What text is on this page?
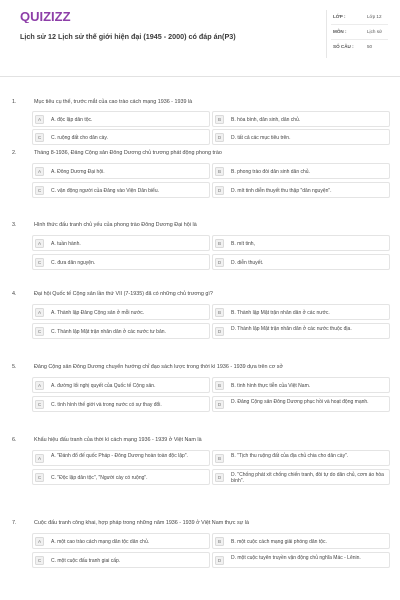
QUIZIZZ
Lịch sử 12 Lịch sử thế giới hiện đại (1945 - 2000) có đáp án(P3)
LỚP :	Lớp 12
MÔN :	Lịch sử
SỐ CÂU :	50
1.	Mục tiêu cụ thể, trước mắt của cao trào cách mạng 1936 - 1939 là
A	A. độc lập dân tộc.	B	B. hòa bình, dân sinh, dân chủ.
C	C. ruộng đất cho dân cày.	D	D. tất cả các mục tiêu trên.
2.	Tháng 8-1936, Đảng Cộng sản Đông Dương chủ trương phát động phong trào
A	A. Đông Dương Đại hội.	B	B. phong trào đòi dân sinh dân chủ.
C	C. vận động người của Đảng vào Viện Dân biểu.	D	D. mít tinh diễn thuyết thu thập "dân nguyện".
3.	Hình thức đấu tranh chủ yếu của phong trào Đông Dương Đại hội là
A	A. tuần hành.	B	B. mít tinh,
C	C. đưa dân nguyện.	D	D. diễn thuyết.
4.	Đại hội Quốc tế Cộng sản lần thứ VII (7-1935) đã có những chủ trương gì?
A	A. Thành lập Đảng Cộng sản ở mỗi nước.	B	B. Thành lập Mặt trận nhân dân ở các nước.
C	C. Thành lập Mặt trận nhân dân ở các nước tư bản.	D	D. Thành lập Mặt trận nhân dân ở các nước thuộc địa.
5.	Đảng Cộng sản Đông Dương chuyển hướng chỉ đạo sách lược trong thời kì 1936 - 1939 dựa trên cơ sở
A	A. đường lối nghị quyết của Quốc tế Cộng sản.	B	B. tình hình thực tiễn của Việt Nam.
C	C. tình hình thế giới và trong nước có sự thay đổi.	D	D. Đảng Cộng sản Đông Dương phục hồi và hoạt động mạnh.
6.	Khẩu hiệu đấu tranh của thời kì cách mạng 1936 - 1939 ở Việt Nam là
A	A. "Đánh đổ đế quốc Pháp - Đông Dương hoàn toàn độc lập".	B	B. "Tịch thu ruộng đất của địa chủ chia cho dân cày".
C	C. "Độc lập dân tộc", "Người cày có ruộng".	D	D. "Chống phát xít chống chiến tranh, đòi tự do dân chủ, cơm áo hòa bình".
7.	Cuộc đấu tranh công khai, hợp pháp trong những năm 1936 - 1939 ở Việt Nam thực sự là
A	A. một cao trào cách mạng dân tộc dân chủ.	B	B. một cuộc cách mạng giải phóng dân tộc.
C	C. một cuộc đấu tranh giai cấp.	D	D. một cuộc tuyên truyền vận động chủ nghĩa Mác - Lênin.
